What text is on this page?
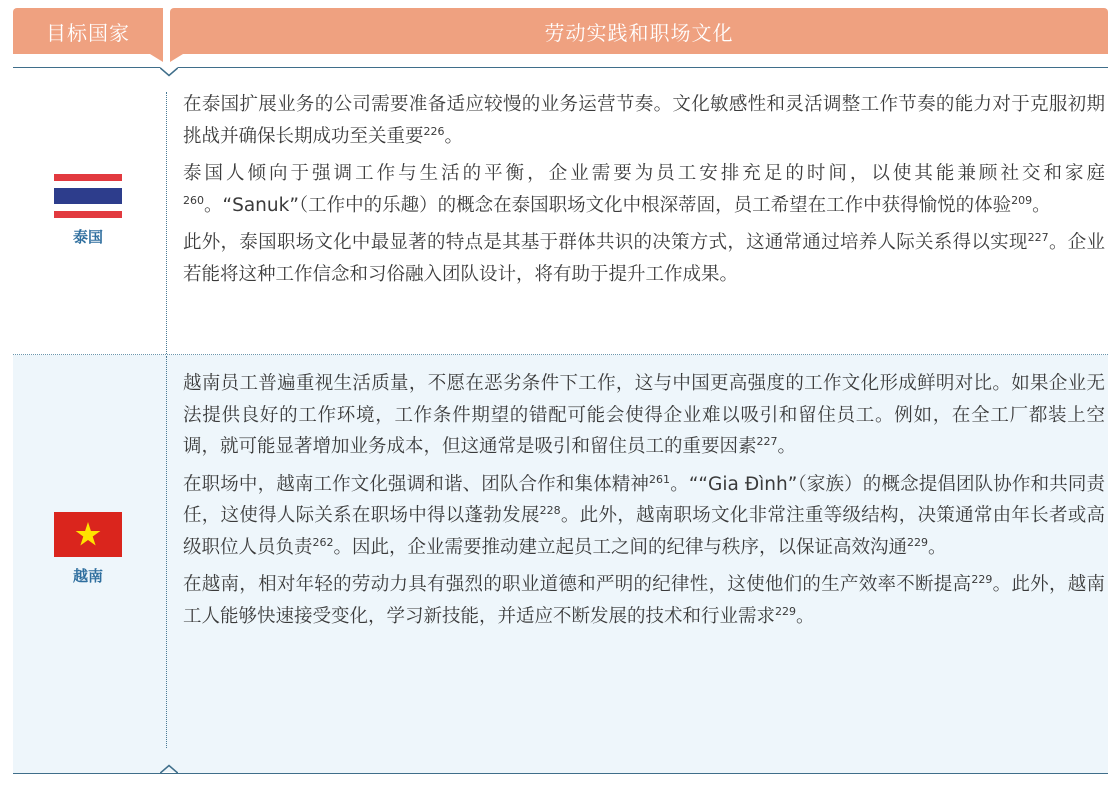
目标国家	劳动实践和职场文化
泰国

在泰国扩展业务的公司需要准备适应较慢的业务运营节奏。文化敏感性和灵活调整工作节奏的能力对于克服初期挑战并确保长期成功至关重要$^{226}$。

泰国人倾向于强调工作与生活的平衡，企业需要为员工安排充足的时间，以使其能兼顾社交和家庭$^{260}$。“Sanuk”（工作中的乐趣）的概念在泰国职场文化中根深蒂固，员工希望在工作中获得愉悦的体验$^{209}$。

此外，泰国职场文化中最显著的特点是其基于群体共识的决策方式，这通常通过培养人际关系得以实现$^{227}$。企业若能将这种工作信念和习俗融入团队设计，将有助于提升工作成果。

越南

越南员工普遍重视生活质量，不愿在恶劣条件下工作，这与中国更高强度的工作文化形成鲜明对比。如果企业无法提供良好的工作环境，工作条件期望的错配可能会使得企业难以吸引和留住员工。例如，在全工厂都装上空调，就可能显著增加业务成本，但这通常是吸引和留住员工的重要因素$^{227}$。

在职场中，越南工作文化强调和谐、团队合作和集体精神$^{261}$。““Gia Đình”（家族）的概念提倡团队协作和共同责任，这使得人际关系在职场中得以蓬勃发展$^{228}$。此外，越南职场文化非常注重等级结构，决策通常由年长者或高级职位人员负责$^{262}$。因此，企业需要推动建立起员工之间的纪律与秩序，以保证高效沟通$^{229}$。

在越南，相对年轻的劳动力具有强烈的职业道德和严明的纪律性，这使他们的生产效率不断提高$^{229}$。此外，越南工人能够快速接受变化，学习新技能，并适应不断发展的技术和行业需求$^{229}$。
